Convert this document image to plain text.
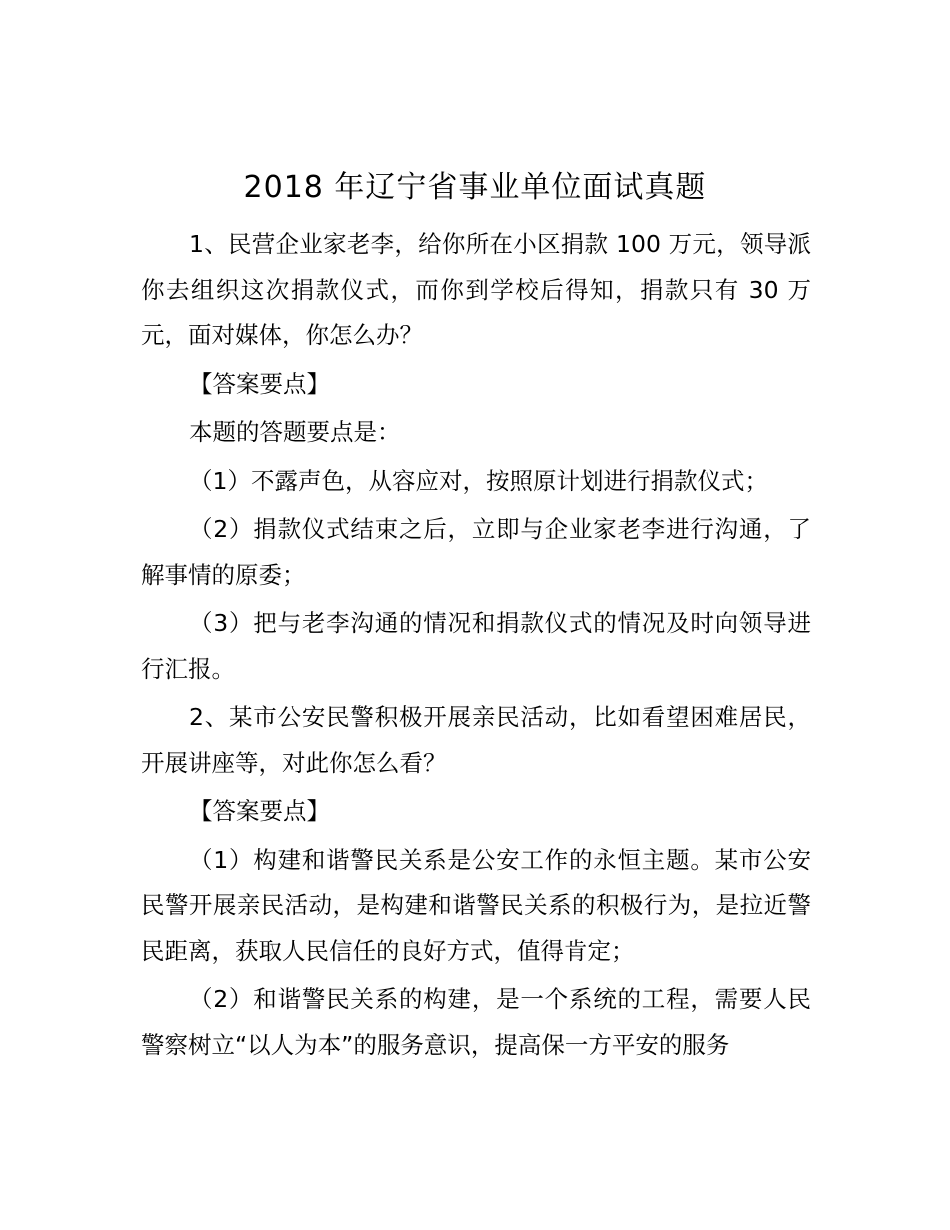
2018 年辽宁省事业单位面试真题

1、民营企业家老李，给你所在小区捐款 100 万元，领导派你去组织这次捐款仪式，而你到学校后得知，捐款只有 30 万元，面对媒体，你怎么办？

【答案要点】

本题的答题要点是：

（1）不露声色，从容应对，按照原计划进行捐款仪式；

（2）捐款仪式结束之后，立即与企业家老李进行沟通，了解事情的原委；

（3）把与老李沟通的情况和捐款仪式的情况及时向领导进行汇报。

2、某市公安民警积极开展亲民活动，比如看望困难居民，开展讲座等，对此你怎么看？

【答案要点】

（1）构建和谐警民关系是公安工作的永恒主题。某市公安民警开展亲民活动，是构建和谐警民关系的积极行为，是拉近警民距离，获取人民信任的良好方式，值得肯定；

（2）和谐警民关系的构建，是一个系统的工程，需要人民警察树立“以人为本”的服务意识，提高保一方平安的服务
